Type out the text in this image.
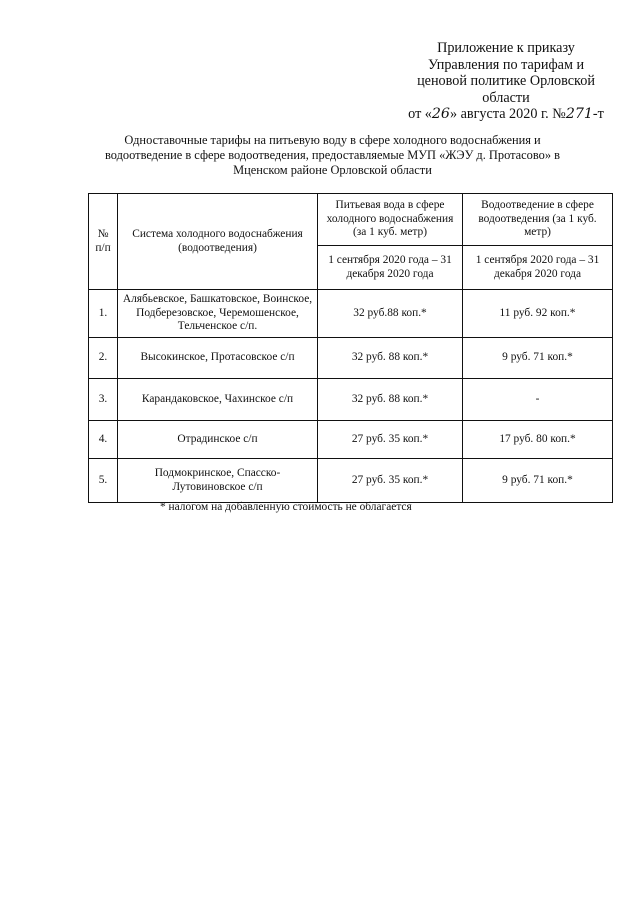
Приложение к приказу
Управления по тарифам и
ценовой политике Орловской
области
от «26» августа 2020 г. №271-т
Одноставочные тарифы на питьевую воду в сфере холодного водоснабжения и
водоотведение в сфере водоотведения, предоставляемые МУП «ЖЭУ д. Протасово» в
Мценском районе Орловской области
№ п/п	Система холодного водоснабжения (водоотведения)	Питьевая вода в сфере холодного водоснабжения (за 1 куб. метр)	Водоотведение в сфере водоотведения (за 1 куб. метр)
		1 сентября 2020 года – 31 декабря 2020 года	1 сентября 2020 года – 31 декабря 2020 года
1.	Алябьевское, Башкатовское, Воинское, Подберезовское, Черемошенское, Тельченское с/п.	32 руб.88 коп.*	11 руб. 92 коп.*
2.	Высокинское, Протасовское с/п	32 руб. 88 коп.*	9 руб. 71 коп.*
3.	Карандаковское, Чахинское с/п	32 руб. 88 коп.*	-
4.	Отрадинское с/п	27 руб. 35 коп.*	17 руб. 80 коп.*
5.	Подмокринское, Спасско-Лутовиновское с/п	27 руб. 35 коп.*	9 руб. 71 коп.*
* налогом на добавленную стоимость не облагается
